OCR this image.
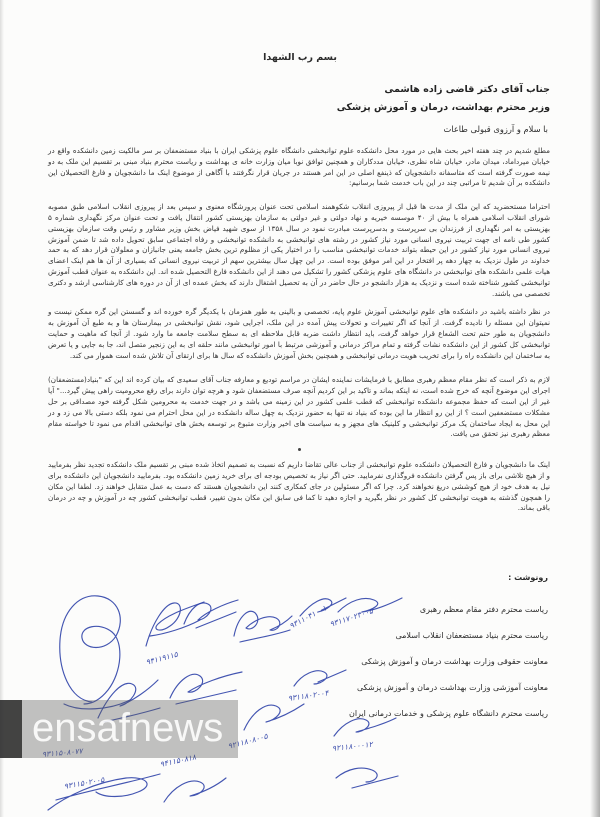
بسم رب الشهدا
جناب آقای دکتر قاضی زاده هاشمی
وزیر محترم بهداشت، درمان و آموزش پزشکی
با سلام و آرزوی قبولی طاعات

مطلع شدیم در چند هفته اخیر بحث هایی در مورد محل دانشکده علوم توانبخشی دانشگاه علوم پزشکی ایران با بنیاد مستضعفان بر سر مالکیت زمین دانشکده واقع در خیابان میرداماد، میدان مادر، خیابان شاه نظری، خیابان مددکاران و همچنین توافق نوبا میان وزارت خانه ی بهداشت و ریاست محترم بنیاد مبنی بر تقسیم این ملک به دو نیمه صورت گرفته است که متاسفانه دانشجویان که ذینفع اصلی در این امر هستند در جریان قرار نگرفتند با آگاهی از موضوع اینک ما دانشجویان و فارغ التحصیلان این دانشکده بر آن شدیم تا مراتبی چند در این باب خدمت شما برسانیم:

احتراما مستحضرید که این ملک از مدت ها قبل از پیروزی انقلاب شکوهمند اسلامی تحت عنوان پرورشگاه معنوی و سپس بعد از پیروزی انقلاب اسلامی طبق مصوبه شورای انقلاب اسلامی همراه با بیش از ۴۰ موسسه خیریه و نهاد دولتی و غیر دولتی به سازمان بهزیستی کشور انتقال یافت و تحت عنوان مرکز نگهداری شماره ۵ بهزیستی به امر نگهداری از فرزندان بی سرپرست و بدسرپرست مبادرت نمود در سال ۱۳۵۸ از سوی شهید فیاض بخش وزیر مشاور و رئیس وقت سازمان بهزیستی کشور طی نامه ای جهت تربیت نیروی انسانی مورد نیاز کشور در رشته های توانبخشی به دانشکده توانبخشی و رفاه اجتماعی سابق تحویل داده شد تا ضمن آموزش نیروی انسانی مورد نیاز کشور در این حیطه بتواند خدمات توانبخشی مناسب را در اختیار یکی از مظلوم ترین بخش جامعه یعنی جانبازان و معلولان قرار دهد که به حمد خداوند در طول نزدیک به چهار دهه پر افتخار در این امر موفق بوده است. در این چهل سال بیشترین سهم از تربیت نیروی انسانی که بسیاری از آن ها هم اینک اعضای هیات علمی دانشکده های توانبخشی در دانشگاه های علوم پزشکی کشور را تشکیل می دهند از این دانشکده فارغ التحصیل شده اند. این دانشکده به عنوان قطب آموزش توانبخشی کشور شناخته شده است و نزدیک به هزار دانشجو در حال حاضر در آن به تحصیل اشتغال دارند که بخش عمده ای از آن در دوره های کارشناسی ارشد و دکتری تخصصی می باشند.

در نظر داشته باشید در دانشکده های علوم توانبخشی آموزش علوم پایه، تخصصی و بالینی به طور همزمان با یکدیگر گره خورده اند و گسستن این گره ممکن نیست و نمیتوان این مسئله را نادیده گرفت. از آنجا که اگر تغییرات و تحولات پیش آمده در این ملک، اجرایی شود، نقش توانبخشی در بیمارستان ها و به طبع آن آموزش به دانشجویان به طور حتم تحت الشعاع قرار خواهد گرفت، باید انتظار داشت ضربه قابل ملاحظه ای به سطح سلامت جامعه ما وارد شود. از آنجا که ماهیت و حمایت توانبخشی کل کشور از این دانشکده نشات گرفته و تمام مراکز درمانی و آموزشی مرتبط با امور توانبخشی مانند حلقه ای به این زنجیر متصل اند، جا به جایی و یا تعرض به ساختمان این دانشکده راه را برای تخریب هویت درمانی توانبخشی و همچنین بخش آموزش دانشکده که سال ها برای ارتقای آن تلاش شده است هموار می کند.

لازم به ذکر است که نظر مقام معظم رهبری مطابق با فرمایشات نماینده ایشان در مراسم تودیع و معارفه جناب آقای سعیدی که بیان کرده اند این که "بنیاد(مستضعفان) اجرای این موضوع آنچه که خرج شده است، نه اینکه بماند و تاکید بر این کردیم آنچه صرف مستضعفان شود و هرچه توان دارند برای رفع محرومیت راهی پیش گیرد..." آیا غیر از این است که حفظ مجموعه دانشکده توانبخشی که قطب علمی کشور در این زمینه می باشد و در جهت خدمت به محرومین شکل گرفته خود مصداقی بر حل مشکلات مستضعفین است ؟ از این رو انتظار ما این بوده که بنیاد نه تنها به حضور نزدیک به چهل ساله دانشکده در این محل احترام می نمود بلکه دستی بالا می زد و در این محل به ایجاد ساختمان یک مرکز توانبخشی و کلینیک های مجهز و به سیاست های اخیر وزارت متبوع بر توسعه بخش های توانبخشی اقدام می نمود تا خواسته مقام معظم رهبری نیز تحقق می یافت.

اینک ما دانشجویان و فارغ التحصیلان دانشکده علوم توانبخشی از جناب عالی تقاضا داریم که نسبت به تصمیم اتخاذ شده مبنی بر تقسیم ملک دانشکده تجدید نظر بفرمایید و از هیچ تلاشی برای باز پس گرفتن دانشکده فروگذاری نفرمایید. حتی اگر نیاز به تخصیص بودجه ای برای خرید زمین دانشکده بود. بفرمایید دانشجویان این دانشکده برای نیل به هدف خود از هیچ کوششی دریغ نخواهند کرد. چرا که اگر مسئولین در جای کمکاری کنند این دانشجویان هستند که دست به عمل متقابل خواهند زد. لطفا این مکان را همچون گذشته به هویت توانبخشی کل کشور در نظر بگیرید و اجازه دهید تا کما فی سابق این مکان بدون تغییر، قطب توانبخشی کشور چه در آموزش و چه در درمان باقی بماند.

رونوشت :
ریاست محترم دفتر مقام معظم رهبری
ریاست محترم بنیاد مستضعفان انقلاب اسلامی
معاونت حقوقی وزارت بهداشت درمان و آموزش پزشکی
معاونت آموزشی وزارت بهداشت درمان و آموزش پزشکی
ریاست محترم دانشگاه علوم پزشکی و خدمات درمانی ایران
۹۳۱۱۷۰۲۳۰۰۵
۹۳۱۱۰۴۱۰۰۱
۹۴۱۱۹۱۱۵
۹۳۱۱۸۰۲۰۰۴
۹۲۱۱۸۰۸۰۰۵	۹۲۱۱۸۰۰۰۱۲
۹۴۱۱۵۰۸۱۸
۹۳۱۱۵۰۸۰۷۷
۹۳۱۱۵۰۲۰۰۵
ensafnews
